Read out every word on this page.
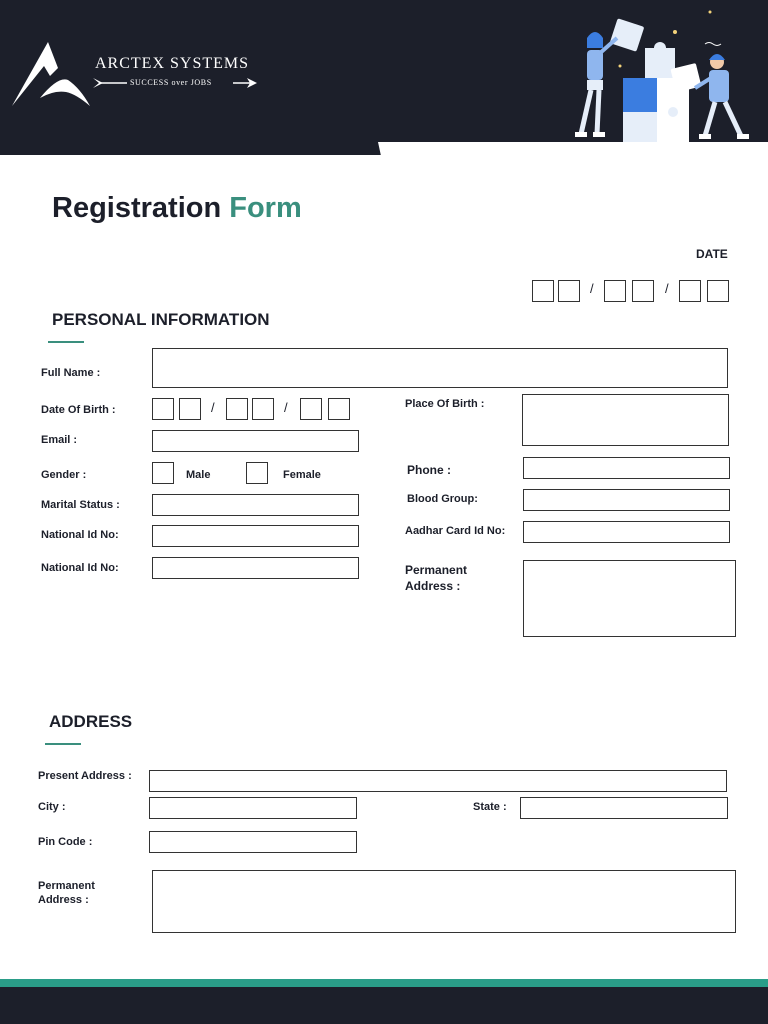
ARCTEX SYSTEMS
SUCCESS over JOBS
Registration Form
DATE
/	/
PERSONAL INFORMATION
Full Name :
Date Of Birth :	/	/	Place Of Birth :
Email :
Gender :	Male	Female	Phone :
Marital Status :	Blood Group:
National Id No:	Aadhar Card Id No:
National Id No:	Permanent
Address :
ADDRESS
Present Address :
City :	State :
Pin Code :
Permanent
Address :
